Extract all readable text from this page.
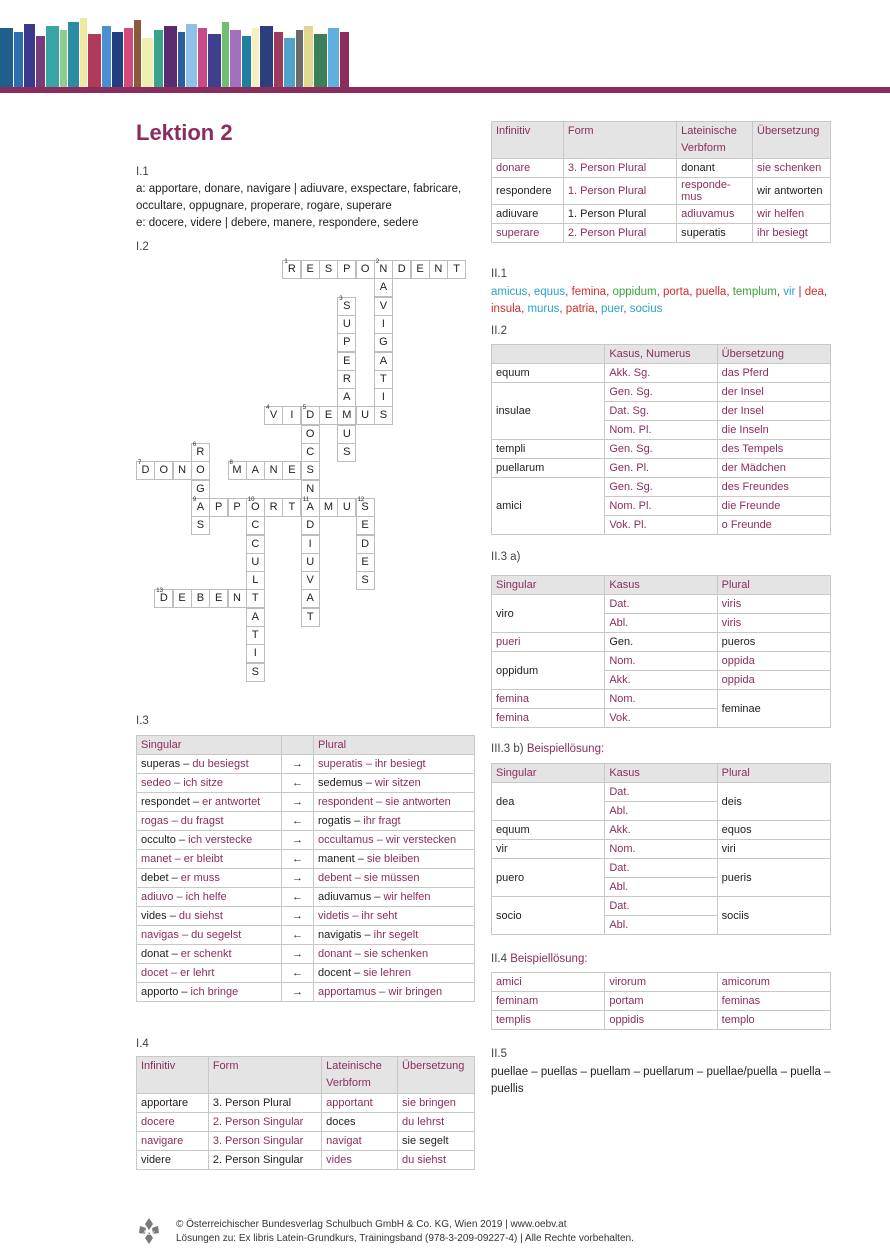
Lektion 2
I.1
a: apportare, donare, navigare | adiuvare, exspectare, fabricare,
occultare, oppugnare, properare, rogare, superare
e: docere, videre | debere, manere, respondere, sedere
I.2
1
R E S P O
2
N D E N T
A
3
S	V
U	I
P	G
E	A
R	T
A	I
4
V	I
5
D E M U S
O	U
6
R	C	S
7
D O N O
8
M A N E S
G	N
9
A P P
10
O R T
11
A M U
12
S
S	C	D	E
C	I	D
U	U	E
L	V	S
13
D E B E N T	A
A	T
T
I
S
I.3
Singular		Plural
superas – du besiegst	→	superatis – ihr besiegt
sedeo – ich sitze	←	sedemus – wir sitzen
respondet – er antwortet	→	respondent – sie antworten
rogas – du fragst	←	rogatis – ihr fragt
occulto – ich verstecke	→	occultamus – wir verstecken
manet – er bleibt	←	manent – sie bleiben
debet – er muss	→	debent – sie müssen
adiuvo – ich helfe	←	adiuvamus – wir helfen
vides – du siehst	→	videtis – ihr seht
navigas – du segelst	←	navigatis – ihr segelt
donat – er schenkt	→	donant – sie schenken
docet – er lehrt	←	docent – sie lehren
apporto – ich bringe	→	apportamus – wir bringen
I.4
Infinitiv	Form	Lateinische Verbform	Übersetzung
apportare	3. Person Plural	apportant	sie bringen
docere	2. Person Singular	doces	du lehrst
navigare	3. Person Singular	navigat	sie segelt
videre	2. Person Singular	vides	du siehst
Infinitiv	Form	Lateinische Verbform	Übersetzung
donare	3. Person Plural	donant	sie schenken
respondere	1. Person Plural	responde-mus	wir antworten
adiuvare	1. Person Plural	adiuvamus	wir helfen
superare	2. Person Plural	superatis	ihr besiegt
II.1
amicus, equus, femina, oppidum, porta, puella, templum, vir | dea, insula, murus, patria, puer, socius
II.2
	Kasus, Numerus	Übersetzung
equum	Akk. Sg.	das Pferd
insulae	Gen. Sg.	der Insel
	Dat. Sg.	der Insel
	Nom. Pl.	die Inseln
templi	Gen. Sg.	des Tempels
puellarum	Gen. Pl.	der Mädchen
amici	Gen. Sg.	des Freundes
	Nom. Pl.	die Freunde
	Vok. Pl.	o Freunde
II.3 a)
Singular	Kasus	Plural
viro	Dat.	viris
	Abl.	viris
pueri	Gen.	pueros
oppidum	Nom.	oppida
	Akk.	oppida
femina	Nom.	feminae
femina	Vok.	
III.3 b) Beispiellösung:
Singular	Kasus	Plural
dea	Dat.	deis
	Abl.	
equum	Akk.	equos
vir	Nom.	viri
puero	Dat.	pueris
	Abl.	
socio	Dat.	sociis
	Abl.	
II.4 Beispiellösung:
amici	virorum	amicorum
feminam	portam	feminas
templis	oppidis	templo
II.5
puellae – puellas – puellam – puellarum – puellae/puella – puella – puellis
öbv
© Österreichischer Bundesverlag Schulbuch GmbH & Co. KG, Wien 2019 | www.oebv.at
Lösungen zu: Ex libris Latein-Grundkurs, Trainingsband (978-3-209-09227-4) | Alle Rechte vorbehalten.
